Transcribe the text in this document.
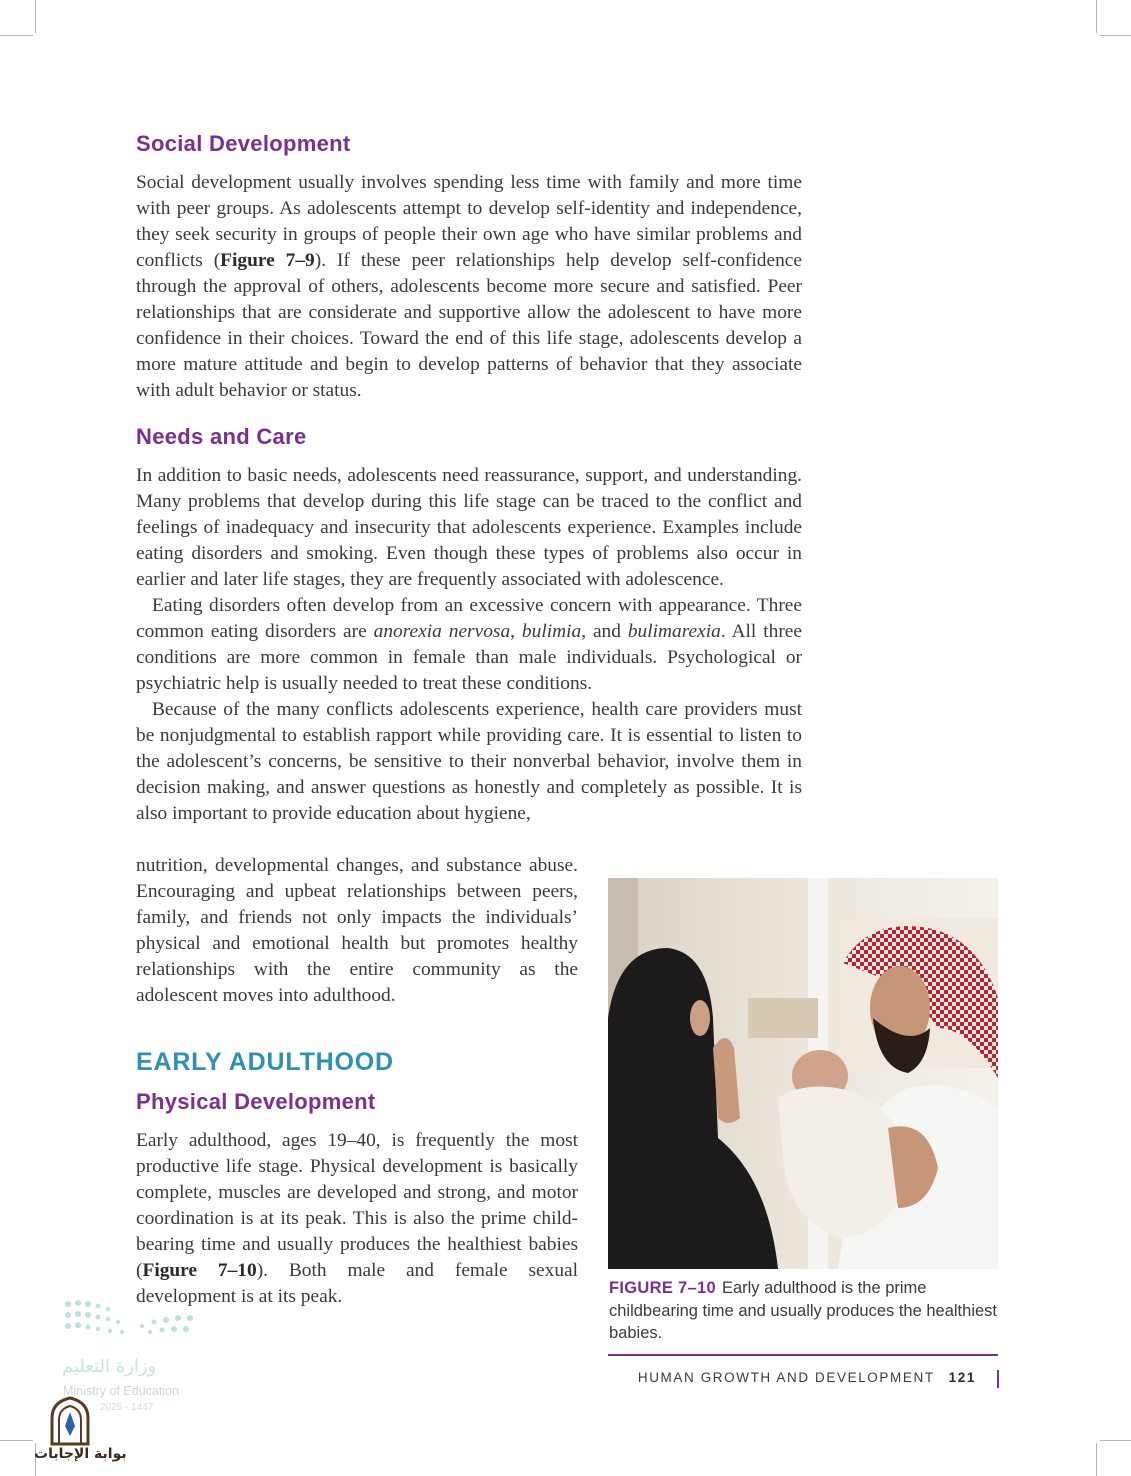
Social Development

Social development usually involves spending less time with family and more time with peer groups. As adolescents attempt to develop self-identity and independence, they seek security in groups of people their own age who have similar problems and conflicts (Figure 7–9). If these peer relationships help develop self-confidence through the approval of others, adolescents become more secure and satisfied. Peer relationships that are considerate and supportive allow the adolescent to have more confidence in their choices. Toward the end of this life stage, adolescents develop a more mature attitude and begin to develop patterns of behavior that they associate with adult behavior or status.

Needs and Care

In addition to basic needs, adolescents need reassurance, support, and understanding. Many problems that develop during this life stage can be traced to the conflict and feelings of inadequacy and insecurity that adolescents experience. Examples include eating disorders and smoking. Even though these types of problems also occur in earlier and later life stages, they are frequently associated with adolescence.

Eating disorders often develop from an excessive concern with appearance. Three common eating disorders are anorexia nervosa, bulimia, and bulimarexia. All three conditions are more common in female than male individuals. Psychological or psychiatric help is usually needed to treat these conditions.

Because of the many conflicts adolescents experience, health care providers must be nonjudgmental to establish rapport while providing care. It is essential to listen to the adolescent’s concerns, be sensitive to their nonverbal behavior, involve them in decision making, and answer questions as honestly and completely as possible. It is also important to provide education about hygiene,

nutrition, developmental changes, and substance abuse. Encouraging and upbeat relationships between peers, family, and friends not only impacts the individuals’ physical and emotional health but promotes healthy relationships with the entire community as the adolescent moves into adulthood.

EARLY ADULTHOOD
Physical Development

Early adulthood, ages 19–40, is frequently the most productive life stage. Physical development is basically complete, muscles are developed and strong, and motor coordination is at its peak. This is also the prime child-bearing time and usually produces the healthiest babies (Figure 7–10). Both male and female sexual development is at its peak.	FIGURE 7–10 Early adulthood is the prime childbearing time and usually produces the healthiest babies.
HUMAN GROWTH AND DEVELOPMENT 121
وزارة التعليم
Ministry of Education
2025 - 1447
بوابة الإجابات
